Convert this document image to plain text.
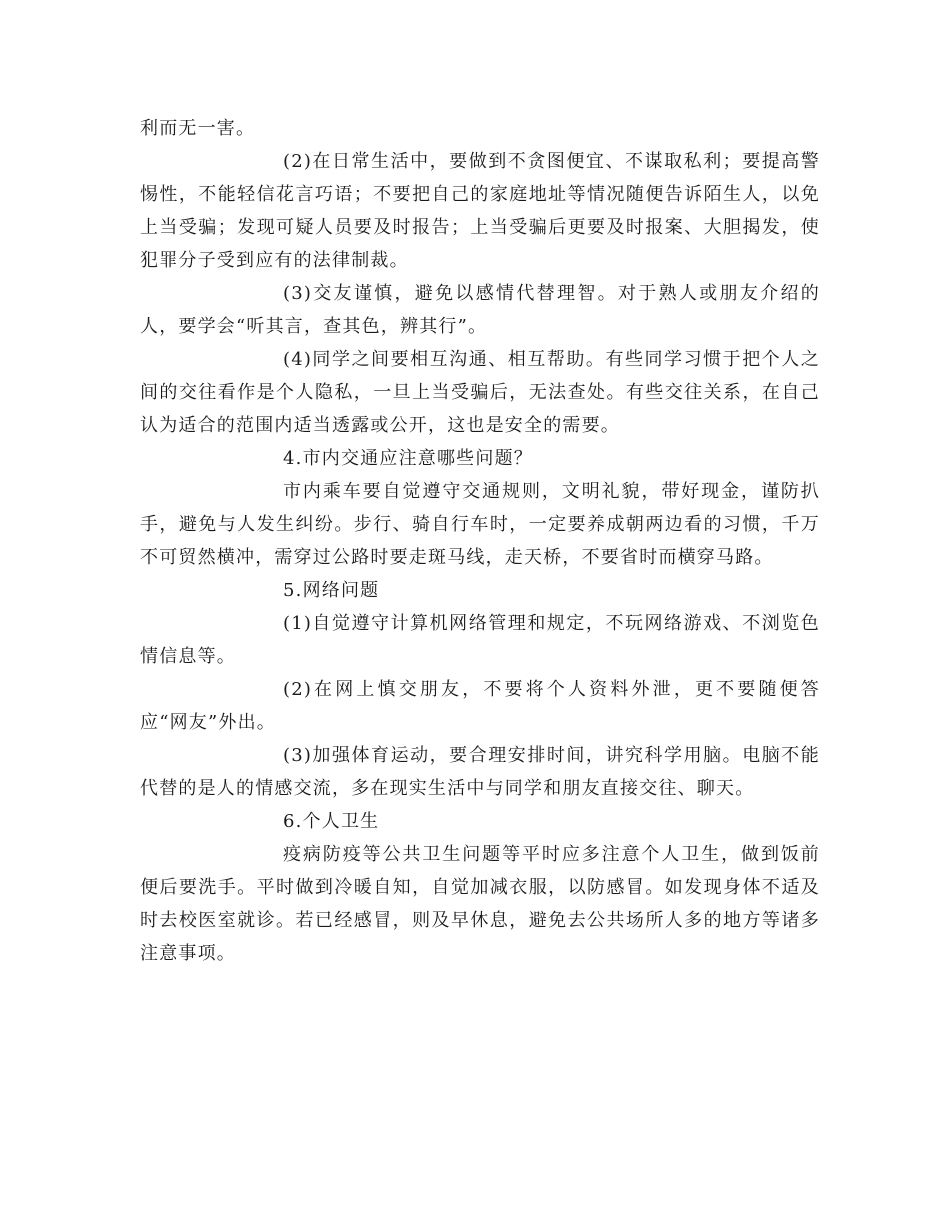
利而无一害。

(2)在日常生活中，要做到不贪图便宜、不谋取私利；要提高警惕性，不能轻信花言巧语；不要把自己的家庭地址等情况随便告诉陌生人，以免上当受骗；发现可疑人员要及时报告；上当受骗后更要及时报案、大胆揭发，使犯罪分子受到应有的法律制裁。

(3)交友谨慎，避免以感情代替理智。对于熟人或朋友介绍的人，要学会“听其言，查其色，辨其行”。

(4)同学之间要相互沟通、相互帮助。有些同学习惯于把个人之间的交往看作是个人隐私，一旦上当受骗后，无法查处。有些交往关系，在自己认为适合的范围内适当透露或公开，这也是安全的需要。

4.市内交通应注意哪些问题？

市内乘车要自觉遵守交通规则，文明礼貌，带好现金，谨防扒手，避免与人发生纠纷。步行、骑自行车时，一定要养成朝两边看的习惯，千万不可贸然横冲，需穿过公路时要走斑马线，走天桥，不要省时而横穿马路。

5.网络问题

(1)自觉遵守计算机网络管理和规定，不玩网络游戏、不浏览色情信息等。

(2)在网上慎交朋友，不要将个人资料外泄，更不要随便答应“网友”外出。

(3)加强体育运动，要合理安排时间，讲究科学用脑。电脑不能代替的是人的情感交流，多在现实生活中与同学和朋友直接交往、聊天。

6.个人卫生

疫病防疫等公共卫生问题等平时应多注意个人卫生，做到饭前便后要洗手。平时做到冷暖自知，自觉加减衣服，以防感冒。如发现身体不适及时去校医室就诊。若已经感冒，则及早休息，避免去公共场所人多的地方等诸多注意事项。
